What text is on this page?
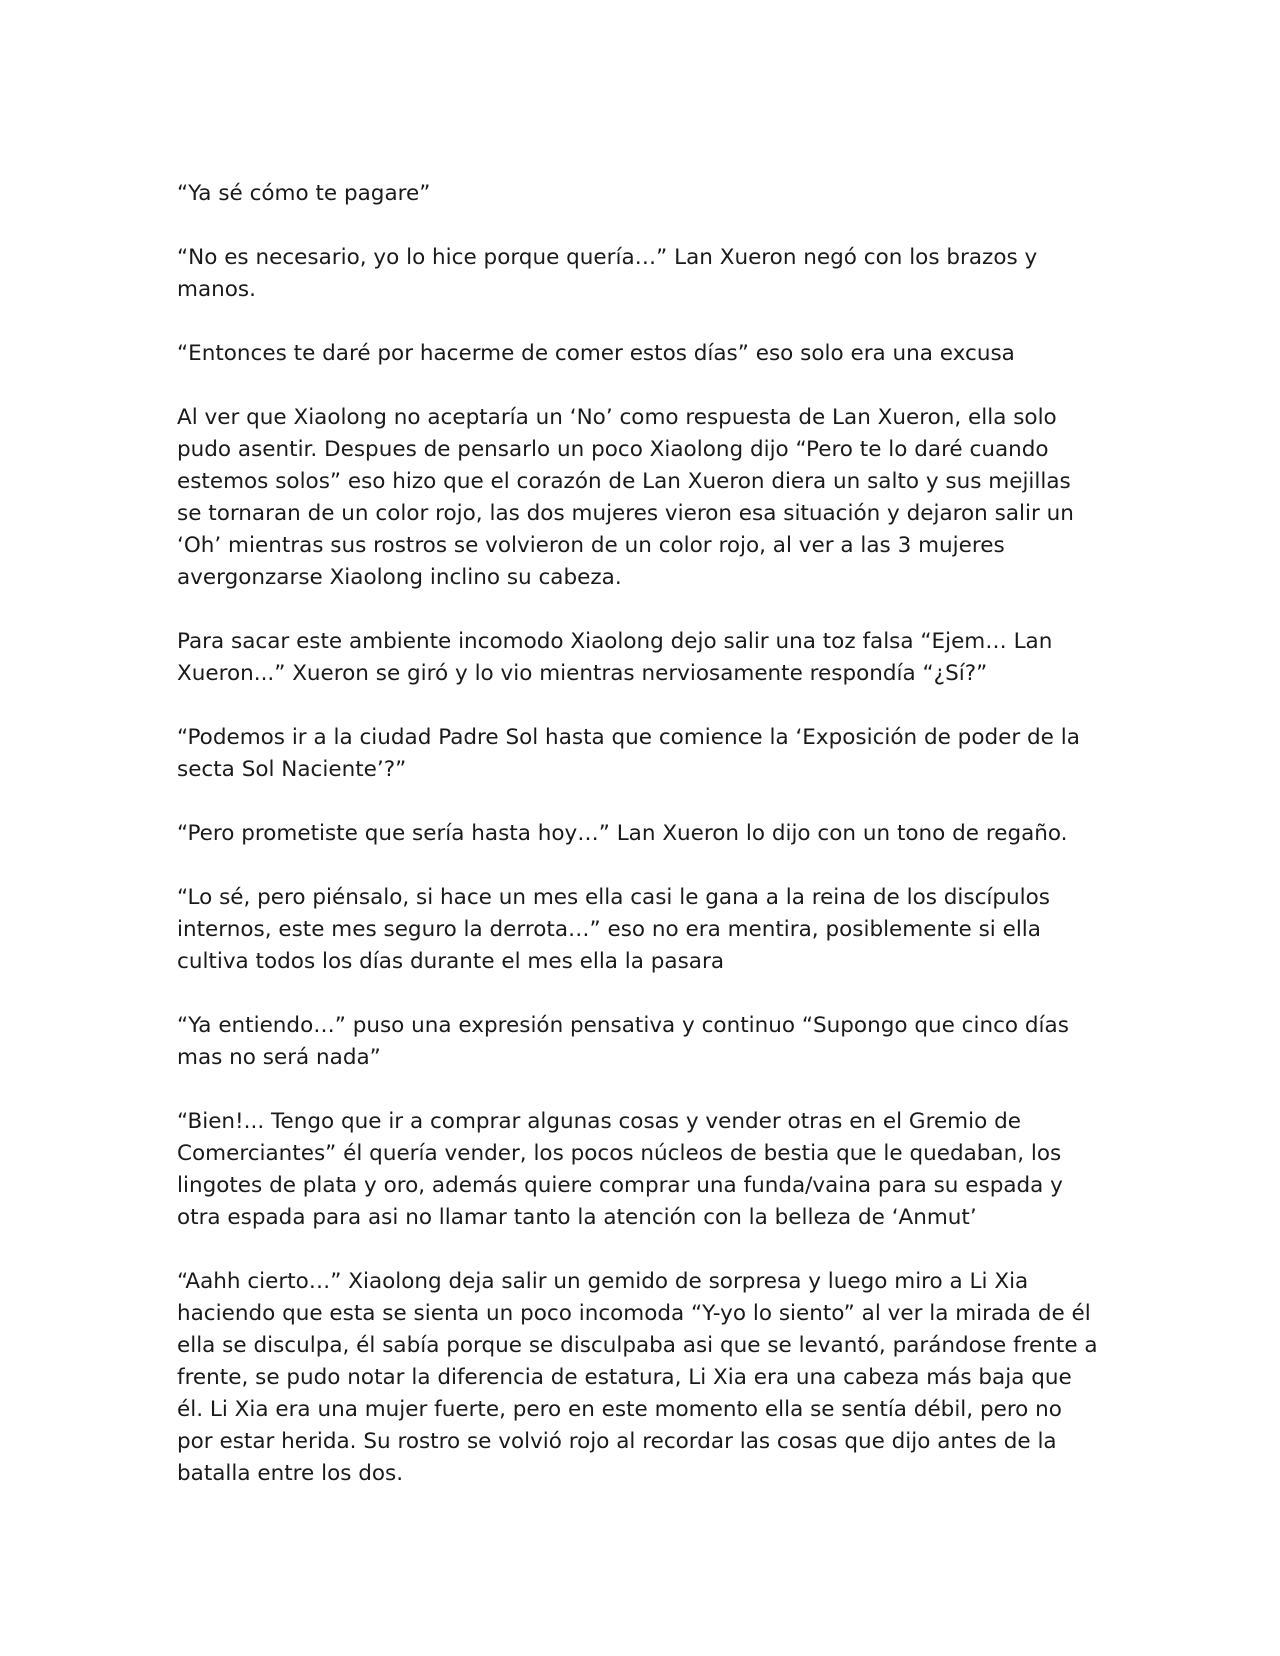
“Ya sé cómo te pagare”

“No es necesario, yo lo hice porque quería…” Lan Xueron negó con los brazos y manos.

“Entonces te daré por hacerme de comer estos días” eso solo era una excusa

Al ver que Xiaolong no aceptaría un ‘No’ como respuesta de Lan Xueron, ella solo pudo asentir. Despues de pensarlo un poco Xiaolong dijo “Pero te lo daré cuando estemos solos” eso hizo que el corazón de Lan Xueron diera un salto y sus mejillas se tornaran de un color rojo, las dos mujeres vieron esa situación y dejaron salir un ‘Oh’ mientras sus rostros se volvieron de un color rojo, al ver a las 3 mujeres avergonzarse Xiaolong inclino su cabeza.

Para sacar este ambiente incomodo Xiaolong dejo salir una toz falsa “Ejem… Lan Xueron...” Xueron se giró y lo vio mientras nerviosamente respondía “¿Sí?”

“Podemos ir a la ciudad Padre Sol hasta que comience la ‘Exposición de poder de la secta Sol Naciente’?”

“Pero prometiste que sería hasta hoy…” Lan Xueron lo dijo con un tono de regaño.

“Lo sé, pero piénsalo, si hace un mes ella casi le gana a la reina de los discípulos internos, este mes seguro la derrota…” eso no era mentira, posiblemente si ella cultiva todos los días durante el mes ella la pasara

“Ya entiendo…” puso una expresión pensativa y continuo “Supongo que cinco días mas no será nada”

“Bien!... Tengo que ir a comprar algunas cosas y vender otras en el Gremio de Comerciantes” él quería vender, los pocos núcleos de bestia que le quedaban, los lingotes de plata y oro, además quiere comprar una funda/vaina para su espada y otra espada para asi no llamar tanto la atención con la belleza de ‘Anmut’

“Aahh cierto…” Xiaolong deja salir un gemido de sorpresa y luego miro a Li Xia haciendo que esta se sienta un poco incomoda “Y-yo lo siento” al ver la mirada de él ella se disculpa, él sabía porque se disculpaba asi que se levantó, parándose frente a frente, se pudo notar la diferencia de estatura, Li Xia era una cabeza más baja que él. Li Xia era una mujer fuerte, pero en este momento ella se sentía débil, pero no por estar herida. Su rostro se volvió rojo al recordar las cosas que dijo antes de la batalla entre los dos.
